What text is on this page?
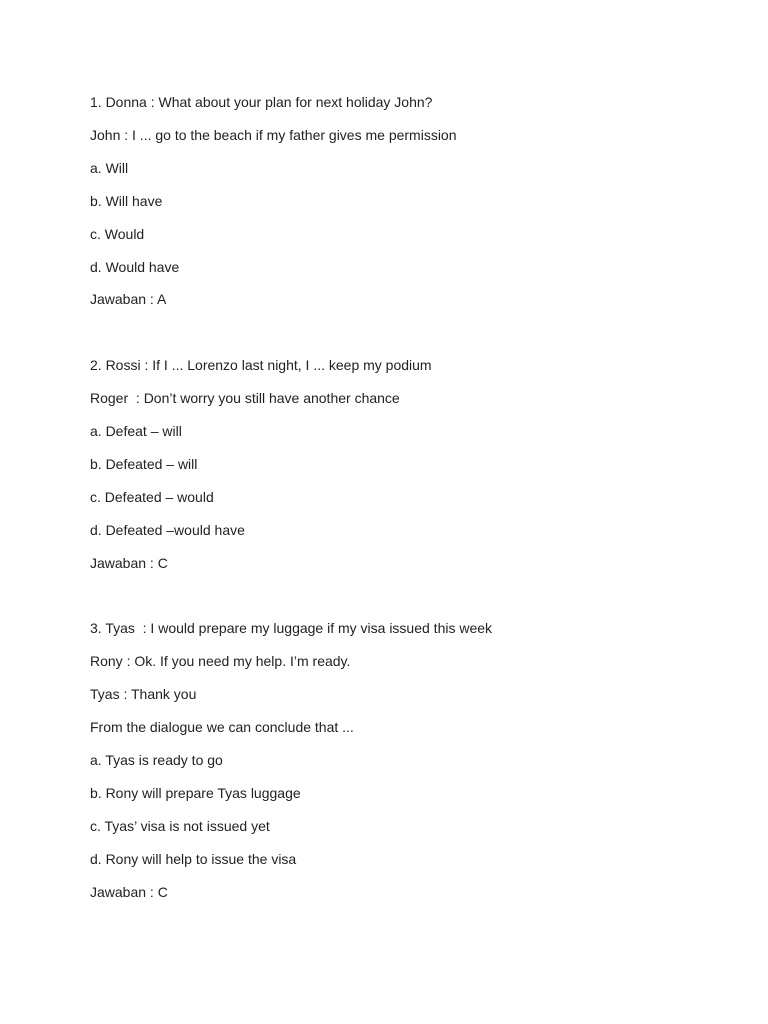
1. Donna : What about your plan for next holiday John?
John : I ... go to the beach if my father gives me permission
a. Will
b. Will have
c. Would
d. Would have
Jawaban : A
2. Rossi : If I ... Lorenzo last night, I ... keep my podium
Roger  : Don’t worry you still have another chance
a. Defeat – will
b. Defeated – will
c. Defeated – would
d. Defeated –would have
Jawaban : C
3. Tyas  : I would prepare my luggage if my visa issued this week
Rony : Ok. If you need my help. I’m ready.
Tyas : Thank you
From the dialogue we can conclude that ...
a. Tyas is ready to go
b. Rony will prepare Tyas luggage
c. Tyas’ visa is not issued yet
d. Rony will help to issue the visa
Jawaban : C
